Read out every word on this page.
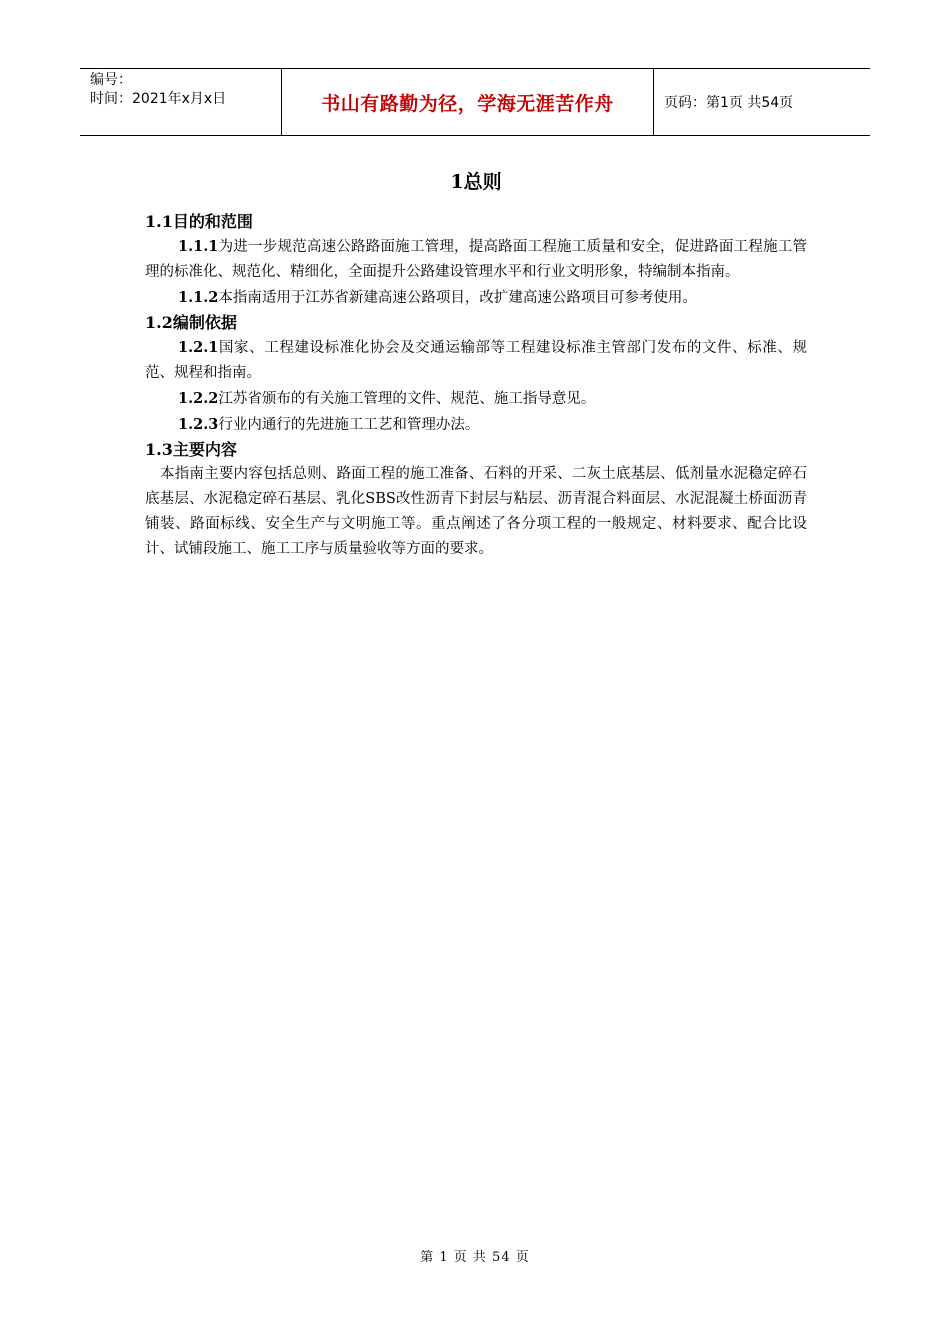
编号：
时间：2021年x月x日	书山有路勤为径，学海无涯苦作舟	页码：第1页 共54页
1总则
1.1目的和范围

1.1.1为进一步规范高速公路路面施工管理，提高路面工程施工质量和安全，促进路面工程施工管理的标准化、规范化、精细化，全面提升公路建设管理水平和行业文明形象，特编制本指南。

1.1.2本指南适用于江苏省新建高速公路项目，改扩建高速公路项目可参考使用。

1.2编制依据

1.2.1国家、工程建设标准化协会及交通运输部等工程建设标准主管部门发布的文件、标准、规范、规程和指南。

1.2.2江苏省颁布的有关施工管理的文件、规范、施工指导意见。

1.2.3行业内通行的先进施工工艺和管理办法。

1.3主要内容

本指南主要内容包括总则、路面工程的施工准备、石料的开采、二灰土底基层、低剂量水泥稳定碎石底基层、水泥稳定碎石基层、乳化SBS改性沥青下封层与粘层、沥青混合料面层、水泥混凝土桥面沥青铺装、路面标线、安全生产与文明施工等。重点阐述了各分项工程的一般规定、材料要求、配合比设计、试铺段施工、施工工序与质量验收等方面的要求。

第 1 页 共 54 页
